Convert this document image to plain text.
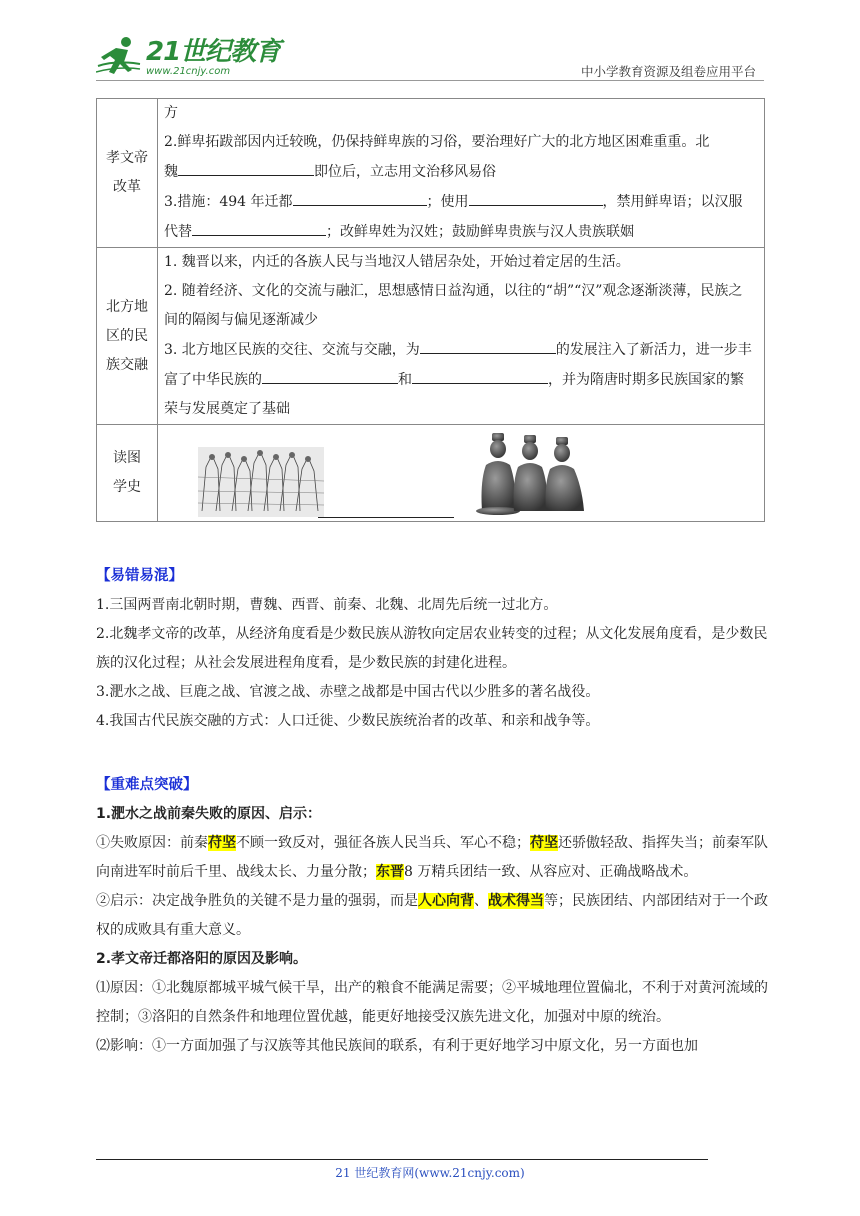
21世纪教育
www.21cnjy.com	中小学教育资源及组卷应用平台
孝文帝改革	方
2.鲜卑拓跋部因内迁较晚，仍保持鲜卑族的习俗，要治理好广大的北方地区困难重重。北
魏 即位后，立志用文治移风易俗
3.措施：494 年迁都 ；使用 ，禁用鲜卑语；以汉服
代替 ；改鲜卑姓为汉姓；鼓励鲜卑贵族与汉人贵族联姻

北方地区的民族交融	1. 魏晋以来，内迁的各族人民与当地汉人错居杂处，开始过着定居的生活。
2. 随着经济、文化的交流与融汇，思想感情日益沟通，以往的“胡”“汉”观念逐渐淡薄，民族之间的隔阂与偏见逐渐减少
3. 北方地区民族的交往、交流与交融，为 的发展注入了新活力，进一步丰富了中华民族的 和 ，并为隋唐时期多民族国家的繁荣与发展奠定了基础

读图学史

【易错易混】

1.三国两晋南北朝时期，曹魏、西晋、前秦、北魏、北周先后统一过北方。

2.北魏孝文帝的改革，从经济角度看是少数民族从游牧向定居农业转变的过程；从文化发展角度看，是少数民族的汉化过程；从社会发展进程角度看，是少数民族的封建化进程。

3.淝水之战、巨鹿之战、官渡之战、赤壁之战都是中国古代以少胜多的著名战役。

4.我国古代民族交融的方式：人口迁徙、少数民族统治者的改革、和亲和战争等。

【重难点突破】

1.淝水之战前秦失败的原因、启示：

①失败原因：前秦苻坚不顾一致反对，强征各族人民当兵、军心不稳；苻坚还骄傲轻敌、指挥失当；前秦军队向南进军时前后千里、战线太长、力量分散；东晋8 万精兵团结一致、从容应对、正确战略战术。

②启示：决定战争胜负的关键不是力量的强弱，而是人心向背、战术得当等；民族团结、内部团结对于一个政权的成败具有重大意义。

2.孝文帝迁都洛阳的原因及影响。

⑴原因：①北魏原都城平城气候干旱，出产的粮食不能满足需要；②平城地理位置偏北，不利于对黄河流域的控制；③洛阳的自然条件和地理位置优越，能更好地接受汉族先进文化，加强对中原的统治。

⑵影响：①一方面加强了与汉族等其他民族间的联系，有利于更好地学习中原文化，另一方面也加

21 世纪教育网(www.21cnjy.com)
